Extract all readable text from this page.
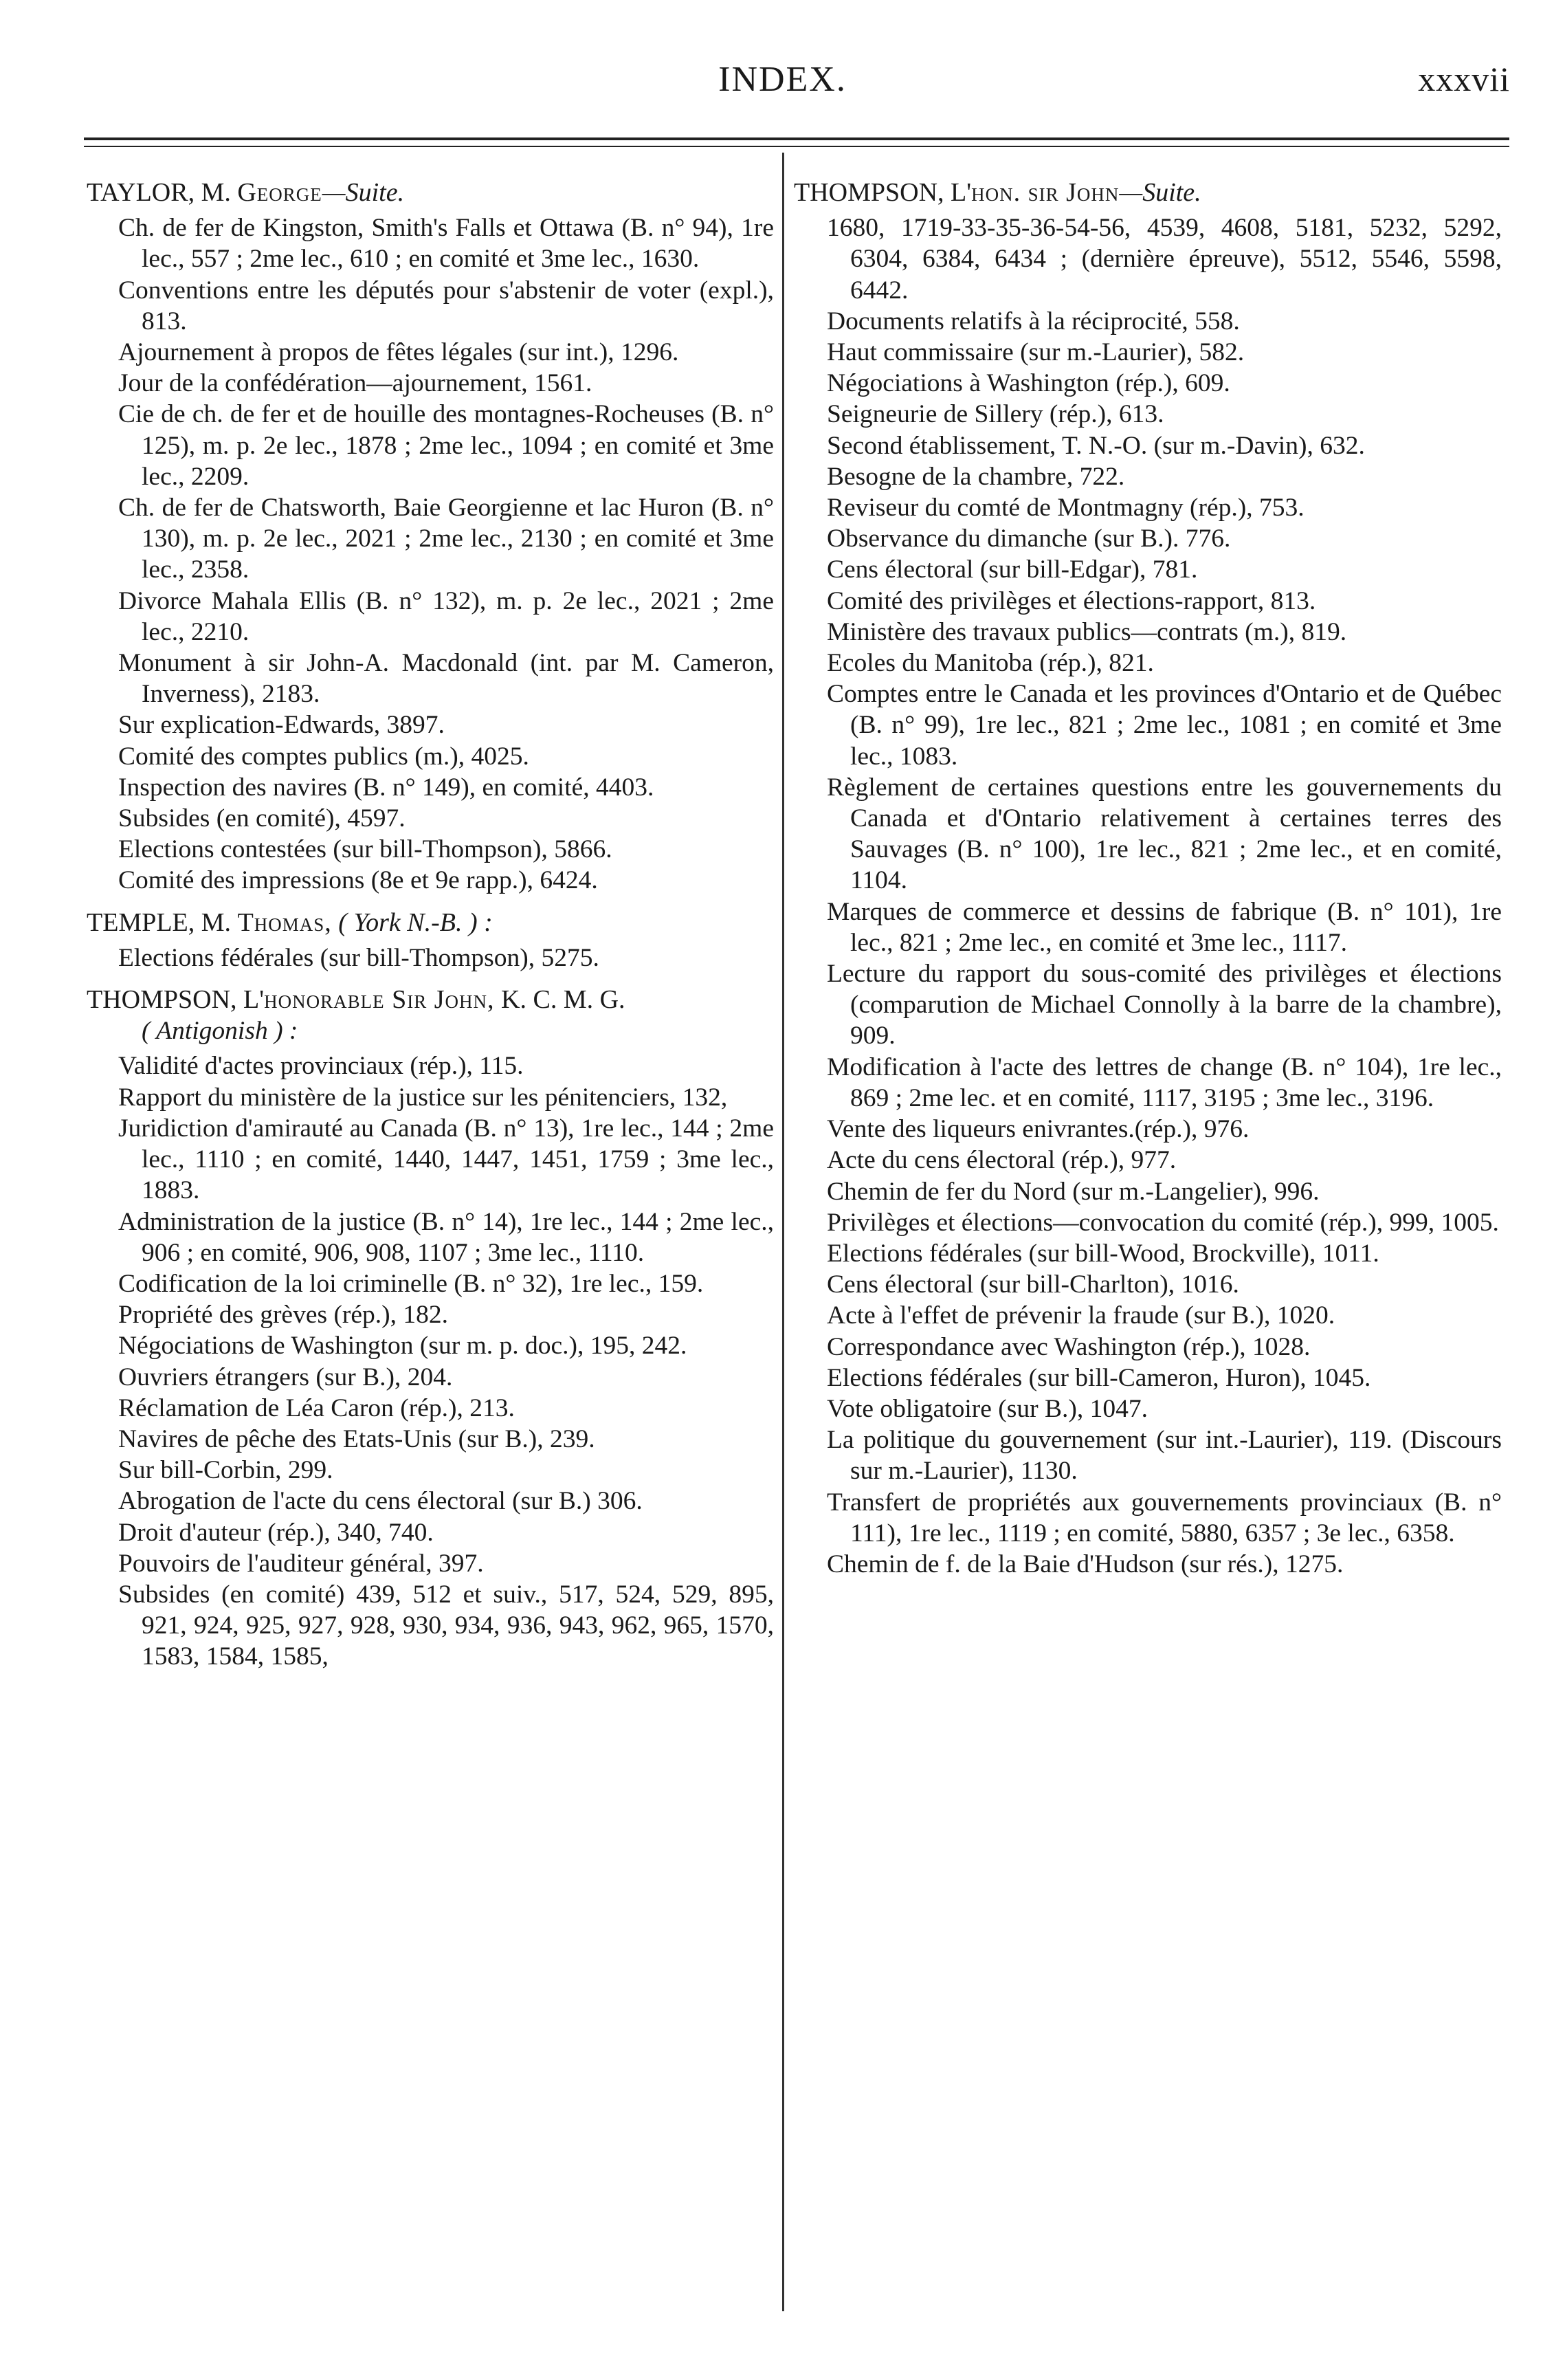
INDEX.	xxxvii

TAYLOR, M. George—Suite.

Ch. de fer de Kingston, Smith's Falls et Ottawa (B. n° 94), 1re lec., 557 ; 2me lec., 610 ; en comité et 3me lec., 1630.

Conventions entre les députés pour s'abstenir de voter (expl.), 813.

Ajournement à propos de fêtes légales (sur int.), 1296.

Jour de la confédération—ajournement, 1561.

Cie de ch. de fer et de houille des montagnes-Rocheuses (B. n° 125), m. p. 2e lec., 1878 ; 2me lec., 1094 ; en comité et 3me lec., 2209.

Ch. de fer de Chatsworth, Baie Georgienne et lac Huron (B. n° 130), m. p. 2e lec., 2021 ; 2me lec., 2130 ; en comité et 3me lec., 2358.

Divorce Mahala Ellis (B. n° 132), m. p. 2e lec., 2021 ; 2me lec., 2210.

Monument à sir John-A. Macdonald (int. par M. Cameron, Inverness), 2183.

Sur explication-Edwards, 3897.

Comité des comptes publics (m.), 4025.

Inspection des navires (B. n° 149), en comité, 4403.

Subsides (en comité), 4597.

Elections contestées (sur bill-Thompson), 5866.

Comité des impressions (8e et 9e rapp.), 6424.

TEMPLE, M. Thomas, ( York N.-B. ) :

Elections fédérales (sur bill-Thompson), 5275.

THOMPSON, L'honorable Sir John, K. C. M. G.

( Antigonish ) :

Validité d'actes provinciaux (rép.), 115.

Rapport du ministère de la justice sur les pénitenciers, 132,

Juridiction d'amirauté au Canada (B. n° 13), 1re lec., 144 ; 2me lec., 1110 ; en comité, 1440, 1447, 1451, 1759 ; 3me lec., 1883.

Administration de la justice (B. n° 14), 1re lec., 144 ; 2me lec., 906 ; en comité, 906, 908, 1107 ; 3me lec., 1110.

Codification de la loi criminelle (B. n° 32), 1re lec., 159.

Propriété des grèves (rép.), 182.

Négociations de Washington (sur m. p. doc.), 195, 242.

Ouvriers étrangers (sur B.), 204.

Réclamation de Léa Caron (rép.), 213.

Navires de pêche des Etats-Unis (sur B.), 239.

Sur bill-Corbin, 299.

Abrogation de l'acte du cens électoral (sur B.) 306.

Droit d'auteur (rép.), 340, 740.

Pouvoirs de l'auditeur général, 397.

Subsides (en comité) 439, 512 et suiv., 517, 524, 529, 895, 921, 924, 925, 927, 928, 930, 934, 936, 943, 962, 965, 1570, 1583, 1584, 1585,

THOMPSON, L'hon. sir John—Suite.

1680, 1719-33-35-36-54-56, 4539, 4608, 5181, 5232, 5292, 6304, 6384, 6434 ; (dernière épreuve), 5512, 5546, 5598, 6442.

Documents relatifs à la réciprocité, 558.

Haut commissaire (sur m.-Laurier), 582.

Négociations à Washington (rép.), 609.

Seigneurie de Sillery (rép.), 613.

Second établissement, T. N.-O. (sur m.-Davin), 632.

Besogne de la chambre, 722.

Reviseur du comté de Montmagny (rép.), 753.

Observance du dimanche (sur B.). 776.

Cens électoral (sur bill-Edgar), 781.

Comité des privilèges et élections-rapport, 813.

Ministère des travaux publics—contrats (m.), 819.

Ecoles du Manitoba (rép.), 821.

Comptes entre le Canada et les provinces d'Ontario et de Québec (B. n° 99), 1re lec., 821 ; 2me lec., 1081 ; en comité et 3me lec., 1083.

Règlement de certaines questions entre les gouvernements du Canada et d'Ontario relativement à certaines terres des Sauvages (B. n° 100), 1re lec., 821 ; 2me lec., et en comité, 1104.

Marques de commerce et dessins de fabrique (B. n° 101), 1re lec., 821 ; 2me lec., en comité et 3me lec., 1117.

Lecture du rapport du sous-comité des privilèges et élections (comparution de Michael Connolly à la barre de la chambre), 909.

Modification à l'acte des lettres de change (B. n° 104), 1re lec., 869 ; 2me lec. et en comité, 1117, 3195 ; 3me lec., 3196.

Vente des liqueurs enivrantes.(rép.), 976.

Acte du cens électoral (rép.), 977.

Chemin de fer du Nord (sur m.-Langelier), 996.

Privilèges et élections—convocation du comité (rép.), 999, 1005.

Elections fédérales (sur bill-Wood, Brockville), 1011.

Cens électoral (sur bill-Charlton), 1016.

Acte à l'effet de prévenir la fraude (sur B.), 1020.

Correspondance avec Washington (rép.), 1028.

Elections fédérales (sur bill-Cameron, Huron), 1045.

Vote obligatoire (sur B.), 1047.

La politique du gouvernement (sur int.-Laurier), 119. (Discours sur m.-Laurier), 1130.

Transfert de propriétés aux gouvernements provinciaux (B. n° 111), 1re lec., 1119 ; en comité, 5880, 6357 ; 3e lec., 6358.

Chemin de f. de la Baie d'Hudson (sur rés.), 1275.
